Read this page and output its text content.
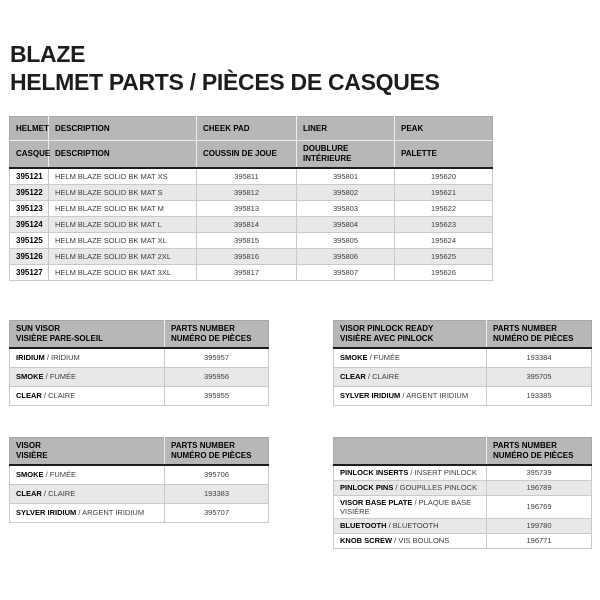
BLAZE
HELMET PARTS / PIÈCES DE CASQUES
HELMET	DESCRIPTION	CHEEK PAD	LINER	PEAK
CASQUE	DESCRIPTION	COUSSIN DE JOUE	DOUBLURE INTÉRIEURE	PALETTE
395121	HELM BLAZE SOLID BK MAT XS	395811	395801	195620
395122	HELM BLAZE SOLID BK MAT S	395812	395802	195621
395123	HELM BLAZE SOLID BK MAT M	395813	395803	195622
395124	HELM BLAZE SOLID BK MAT L	395814	395804	195623
395125	HELM BLAZE SOLID BK MAT XL	395815	395805	195624
395126	HELM BLAZE SOLID BK MAT 2XL	395816	395806	195625
395127	HELM BLAZE SOLID BK MAT 3XL	395817	395807	195626
SUN VISOR
VISIÈRE PARE-SOLEIL	PARTS NUMBER
NUMÉRO DE PIÈCES
IRIDIUM / IRIDIUM	395957
SMOKE / FUMÉE	395956
CLEAR / CLAIRE	395955
VISOR PINLOCK READY
VISIÈRE AVEC PINLOCK	PARTS NUMBER
NUMÉRO DE PIÈCES
SMOKE / FUMÉE	193384
CLEAR / CLAIRE	395705
SYLVER IRIDIUM / ARGENT IRIDIUM	193385
VISOR
VISIÈRE	PARTS NUMBER
NUMÉRO DE PIÈCES
SMOKE / FUMÉE	395706
CLEAR / CLAIRE	193383
SYLVER IRIDIUM / ARGENT IRIDIUM	395707

	PARTS NUMBER
NUMÉRO DE PIÈCES
PINLOCK INSERTS / INSERT PINLOCK	395739
PINLOCK PINS / GOUPILLES PINLOCK	196789
VISOR BASE PLATE / PLAQUE BASE VISIÈRE	196769
BLUETOOTH / BLUETOOTH	199780
KNOB SCREW / VIS BOULONS	196771
